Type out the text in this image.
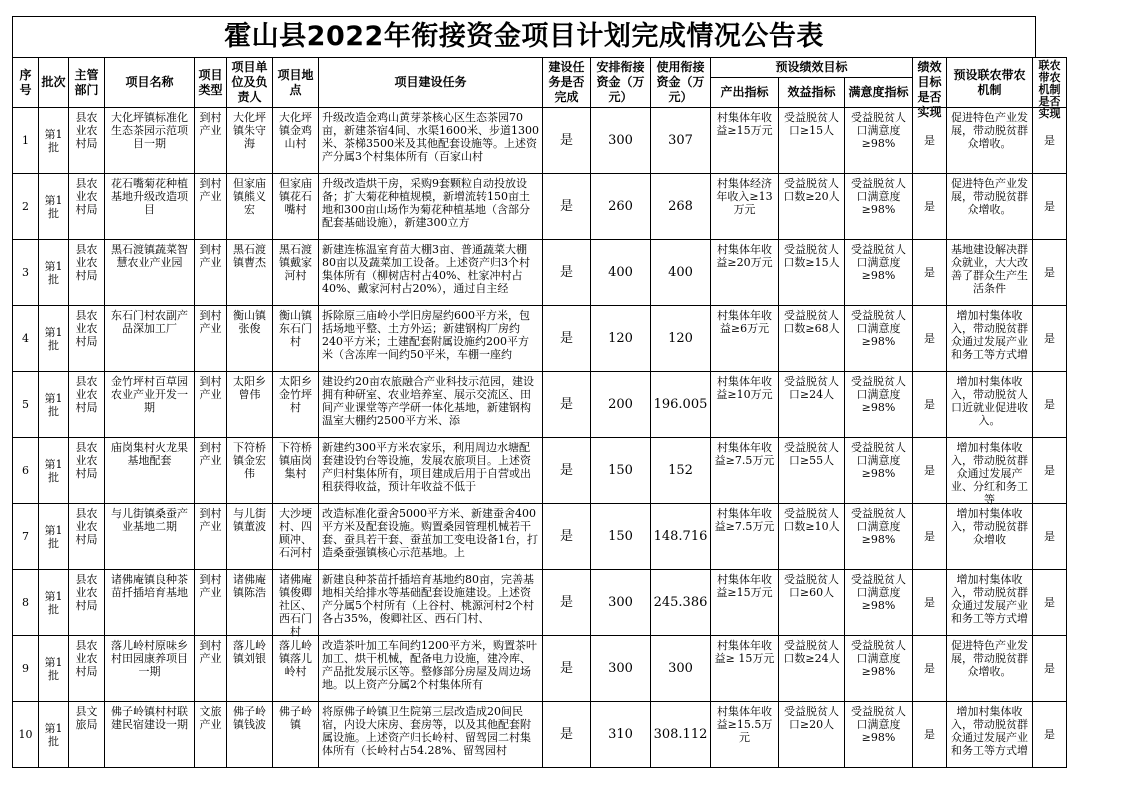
霍山县2022年衔接资金项目计划完成情况公告表
序号	批次	主管部门	项目名称	项目类型	项目单位及负责人	项目地点	项目建设任务	建设任务是否完成	安排衔接资金（万元）	使用衔接资金（万元）	预设绩效目标			绩效目标是否实现	预设联农带农机制	联农带农机制是否实现

											产出指标	效益指标	满意度指标			
1	第1批	县农业农村局	大化坪镇标准化生态茶园示范项目一期	到村产业	大化坪镇朱守海	大化坪镇金鸡山村	升级改造金鸡山黄芽茶核心区生态茶园70亩，新建茶宿4间、水渠1600米、步道1300米、茶梯3500米及其他配套设施等。上述资产分属3个村集体所有（百家山村	是	300	307	村集体年收益≥15万元	受益脱贫人口≥15人	受益脱贫人口满意度≥98%	是	促进特色产业发展，带动脱贫群众增收。	是
2	第1批	县农业农村局	花石嘴菊花种植基地升级改造项目	到村产业	但家庙镇熊义宏	但家庙镇花石嘴村	升级改造烘干房，采购9套颗粒自动投放设备；扩大菊花种植规模，新增流转150亩土地和300亩山场作为菊花种植基地（含部分配套基础设施），新建300立方	是	260	268	村集体经济年收入≥13万元	受益脱贫人口数≥20人	受益脱贫人口满意度≥98%	是	促进特色产业发展，带动脱贫群众增收。	是
3	第1批	县农业农村局	黑石渡镇蔬菜智慧农业产业园	到村产业	黑石渡镇曹杰	黑石渡镇戴家河村	新建连栋温室育苗大棚3亩、普通蔬菜大棚80亩以及蔬菜加工设备。上述资产归3个村集体所有（柳树店村占40%、杜家冲村占40%、戴家河村占20%），通过自主经	是	400	400	村集体年收益≥20万元	受益脱贫人口数≥15人	受益脱贫人口满意度≥98%	是	基地建设解决群众就业，大大改善了群众生产生活条件	是
4	第1批	县农业农村局	东石门村农副产品深加工厂	到村产业	衡山镇张俊	衡山镇东石门村	拆除原三庙岭小学旧房屋约600平方米，包括场地平整、土方外运；新建钢构厂房约240平方米；土建配套附属设施约200平方米（含冻库一间约50平米，车棚一座约	是	120	120	村集体年收益≥6万元	受益脱贫人口数≥68人	受益脱贫人口满意度≥98%	是	增加村集体收入，带动脱贫群众通过发展产业和务工等方式增	是
5	第1批	县农业农村局	金竹坪村百草园农业产业开发一期	到村产业	太阳乡曾伟	太阳乡金竹坪村	建设约20亩农旅融合产业科技示范园，建设拥有种研室、农业培养室、展示交流区、田间产业课堂等产学研一体化基地，新建钢构温室大棚约2500平方米、添	是	200	196.005	村集体年收益≥10万元	受益脱贫人口≥24人	受益脱贫人口满意度≥98%	是	增加村集体收入，带动脱贫人口近就业促进收入。	是
6	第1批	县农业农村局	庙岗集村火龙果基地配套	到村产业	下符桥镇金宏伟	下符桥镇庙岗集村	新建约300平方米农家乐，利用周边水塘配套建设钓台等设施，发展农旅项目。上述资产归村集体所有，项目建成后用于自营或出租获得收益，预计年收益不低于	是	150	152	村集体年收益≥7.5万元	受益脱贫人口≥55人	受益脱贫人口满意度≥98%	是	增加村集体收入，带动脱贫群众通过发展产业、分红和务工等	是
7	第1批	县农业农村局	与儿街镇桑蚕产业基地二期	到村产业	与儿街镇董波	大沙埂村、四顾冲、石河村	改造标准化蚕舍5000平方米、新建蚕舍400平方米及配套设施。购置桑园管理机械若干套、蚕具若干套、蚕茧加工变电设备1台，打造桑蚕强镇核心示范基地。上	是	150	148.716	村集体年收益≥7.5万元	受益脱贫人口数≥10人	受益脱贫人口满意度≥98%	是	增加村集体收入，带动脱贫群众增收	是
8	第1批	县农业农村局	诸佛庵镇良种茶苗扦插培育基地	到村产业	诸佛庵镇陈浩	诸佛庵镇俊卿社区、西石门村	新建良种茶苗扦插培育基地约80亩，完善基地相关给排水等基础配套设施建设。上述资产分属5个村所有（上谷村、桃源河村2个村各占35%，俊卿社区、西石门村、	是	300	245.386	村集体年收益≥15万元	受益脱贫人口≥60人	受益脱贫人口满意度≥98%	是	增加村集体收入，带动脱贫群众通过发展产业和务工等方式增	是
9	第1批	县农业农村局	落儿岭村原味乡村田园康养项目一期	到村产业	落儿岭镇刘银	落儿岭镇落儿岭村	改造茶叶加工车间约1200平方米，购置茶叶加工、烘干机械，配备电力设施，建冷库、产品批发展示区等。整修部分房屋及周边场地。以上资产分属2个村集体所有	是	300	300	村集体年收益≥ 15万元	受益脱贫人口数≥24人	受益脱贫人口满意度≥98%	是	促进特色产业发展，带动脱贫群众增收。	是
10	第1批	县文旅局	佛子岭镇村村联建民宿建设一期	文旅产业	佛子岭镇钱波	佛子岭镇	将原佛子岭镇卫生院第三层改造成20间民宿，内设大床房、套房等，以及其他配套附属设施。上述资产归长岭村、留驾园二村集体所有（长岭村占54.28%、留驾园村	是	310	308.112	村集体年收益≥15.5万元	受益脱贫人口≥20人	受益脱贫人口满意度≥98%	是	增加村集体收入，带动脱贫群众通过发展产业和务工等方式增	是
